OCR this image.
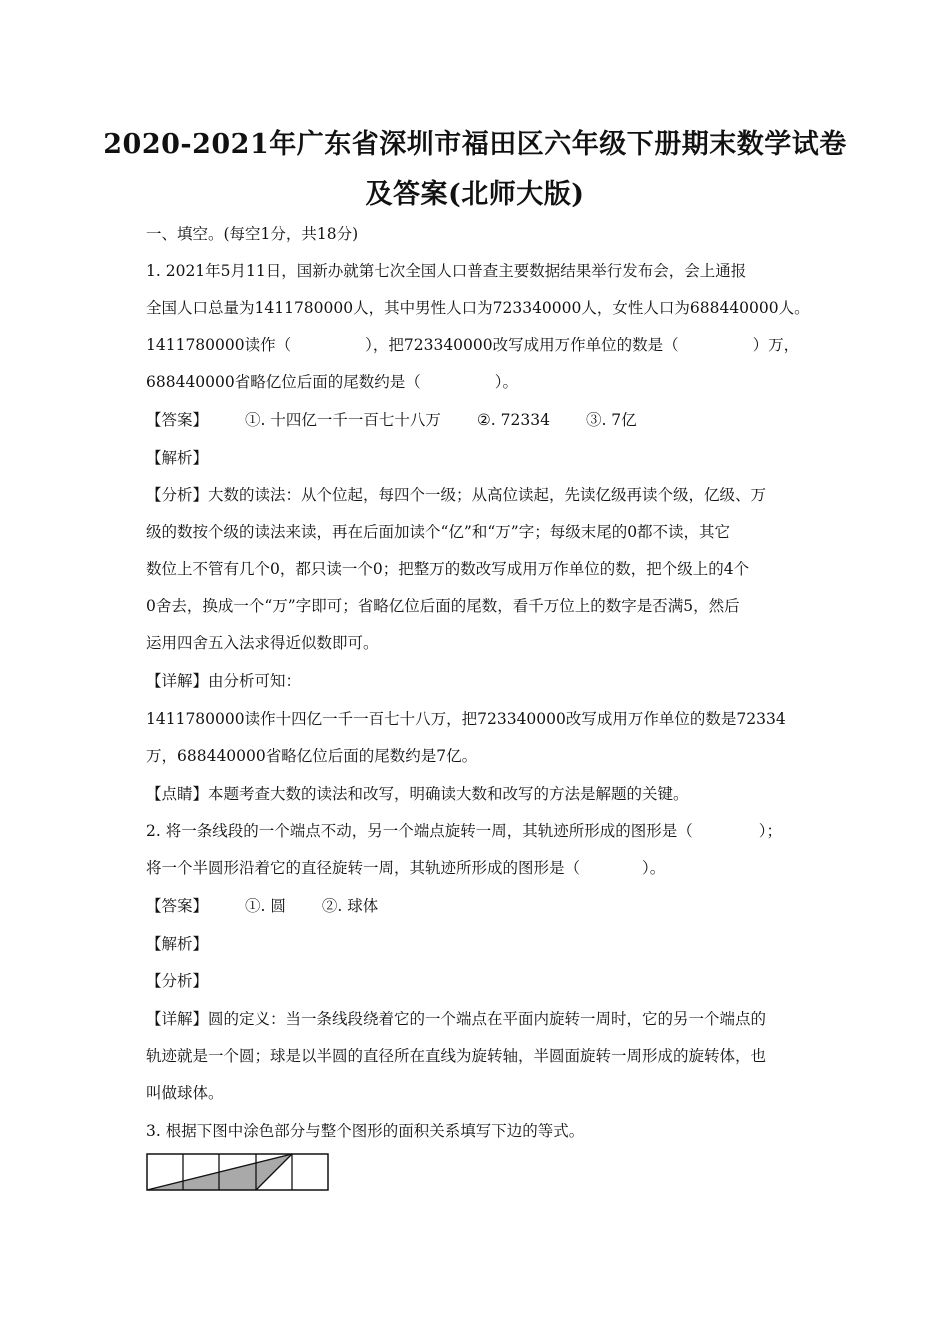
2020-2021年广东省深圳市福田区六年级下册期末数学试卷
及答案(北师大版)
一、填空。(每空1分，共18分)
1. 2021年5月11日，国新办就第七次全国人口普查主要数据结果举行发布会，会上通报
全国人口总量为1411780000人，其中男性人口为723340000人，女性人口为688440000人。
1411780000读作（	），把723340000改写成用万作单位的数是（	）万，
688440000省略亿位后面的尾数约是（	）。
【答案】 ①. 十四亿一千一百七十八万 ②. 72334 ③. 7亿
【解析】
【分析】大数的读法：从个位起，每四个一级；从高位读起，先读亿级再读个级，亿级、万
级的数按个级的读法来读，再在后面加读个“亿”和“万”字；每级末尾的0都不读，其它
数位上不管有几个0，都只读一个0；把整万的数改写成用万作单位的数，把个级上的4个
0舍去，换成一个“万”字即可；省略亿位后面的尾数，看千万位上的数字是否满5，然后
运用四舍五入法求得近似数即可。
【详解】由分析可知：
1411780000读作十四亿一千一百七十八万，把723340000改写成用万作单位的数是72334
万，688440000省略亿位后面的尾数约是7亿。
【点睛】本题考查大数的读法和改写，明确读大数和改写的方法是解题的关键。
2. 将一条线段的一个端点不动，另一个端点旋转一周，其轨迹所形成的图形是（	）；
将一个半圆形沿着它的直径旋转一周，其轨迹所形成的图形是（	）。
【答案】 ①. 圆 ②. 球体
【解析】
【分析】
【详解】圆的定义：当一条线段绕着它的一个端点在平面内旋转一周时，它的另一个端点的
轨迹就是一个圆；球是以半圆的直径所在直线为旋转轴，半圆面旋转一周形成的旋转体，也
叫做球体。
3. 根据下图中涂色部分与整个图形的面积关系填写下边的等式。
